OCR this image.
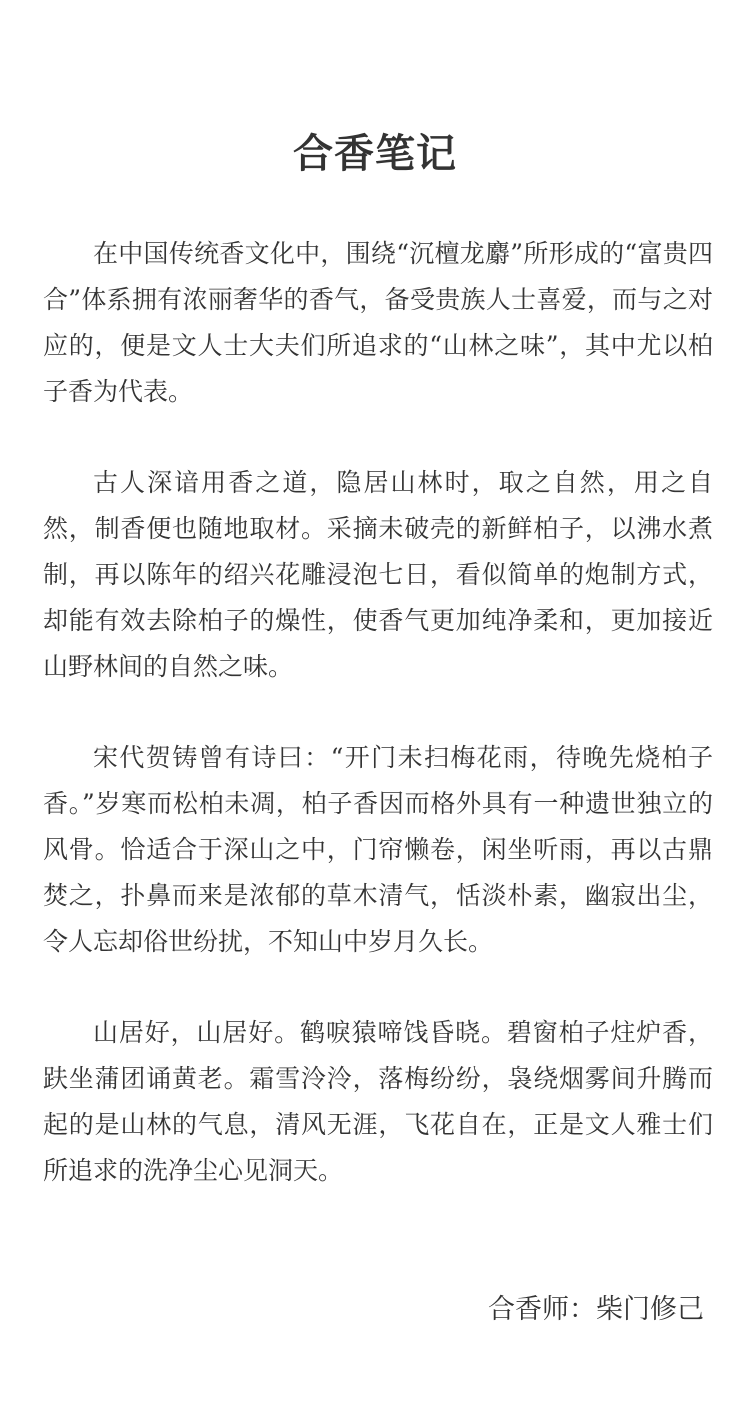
合香笔记

在中国传统香文化中，围绕“沉檀龙麝”所形成的“富贵四合”体系拥有浓丽奢华的香气，备受贵族人士喜爱，而与之对应的，便是文人士大夫们所追求的“山林之味”，其中尤以柏子香为代表。

古人深谙用香之道，隐居山林时，取之自然，用之自然，制香便也随地取材。采摘未破壳的新鲜柏子，以沸水煮制，再以陈年的绍兴花雕浸泡七日，看似简单的炮制方式，却能有效去除柏子的燥性，使香气更加纯净柔和，更加接近山野林间的自然之味。

宋代贺铸曾有诗曰：“开门未扫梅花雨，待晚先烧柏子香。”岁寒而松柏未凋，柏子香因而格外具有一种遗世独立的风骨。恰适合于深山之中，门帘懒卷，闲坐听雨，再以古鼎焚之，扑鼻而来是浓郁的草木清气，恬淡朴素，幽寂出尘，令人忘却俗世纷扰，不知山中岁月久长。

山居好，山居好。鹤唳猿啼饯昏晓。碧窗柏子炷炉香，趺坐蒲团诵黄老。霜雪泠泠，落梅纷纷，袅绕烟雾间升腾而起的是山林的气息，清风无涯，飞花自在，正是文人雅士们所追求的洗净尘心见洞天。

合香师：柴门修己
